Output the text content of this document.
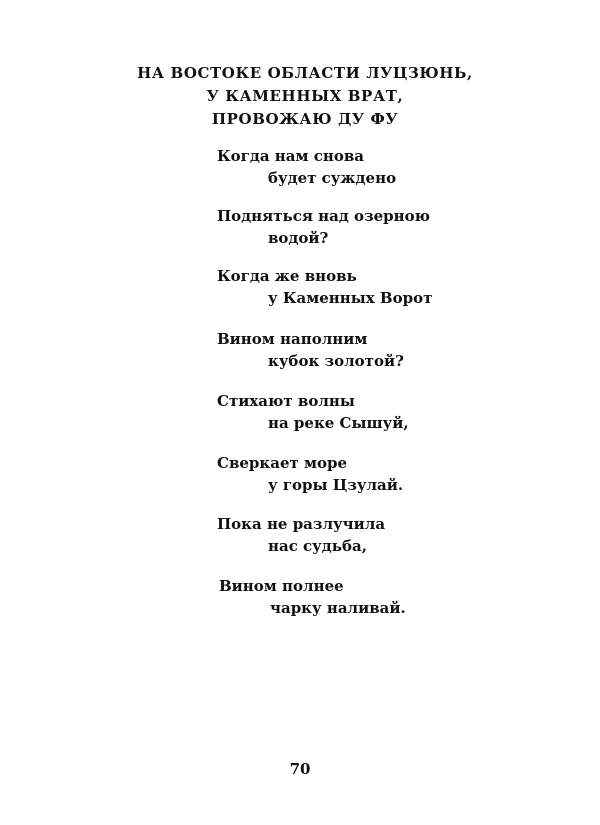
НА ВОСТОКЕ ОБЛАСТИ ЛУЦЗЮНЬ,
У КАМЕННЫХ ВРАТ,
ПРОВОЖАЮ ДУ ФУ
Когда нам снова
будет суждено
Подняться над озерною
водой?
Когда же вновь
у Каменных Ворот
Вином наполним
кубок золотой?
Стихают волны
на реке Сышуй,
Сверкает море
у горы Цзулай.
Пока не разлучила
нас судьба,
Вином полнее
чарку наливай.
70
